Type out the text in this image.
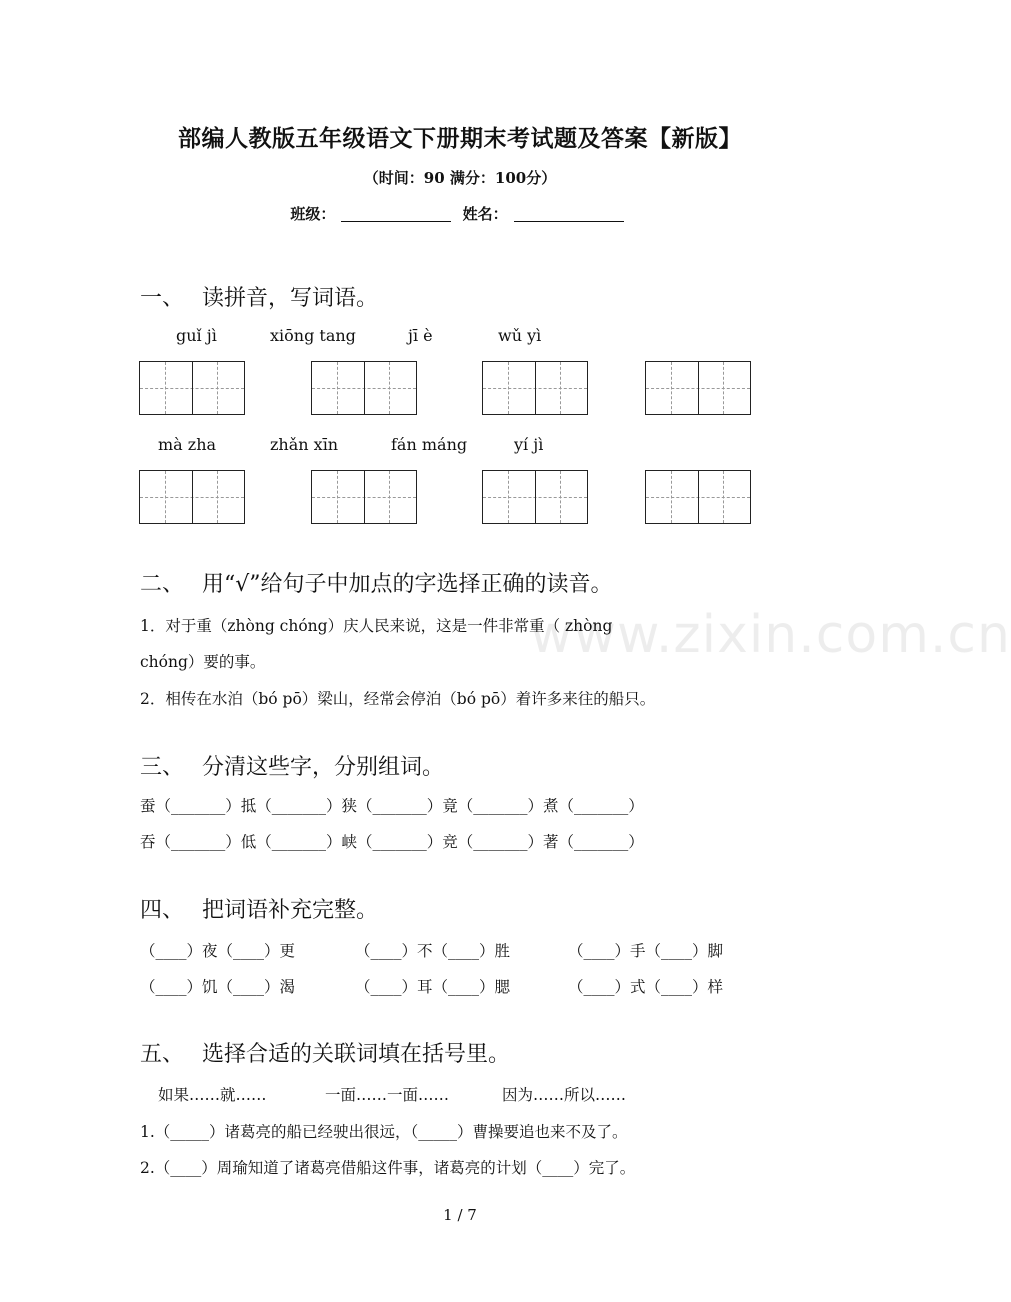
部编人教版五年级语文下册期末考试题及答案【新版】
（时间：90 满分：100分）
班级：	姓名：
一、 读拼音，写词语。
guǐ jì	xiōng tang	jī è	wǔ yì
mà zha	zhǎn xīn	fán máng	yí jì
二、 用“√”给句子中加点的字选择正确的读音。
www.zixin.com.cn
1．对于重（zhòng chóng）庆人民来说，这是一件非常重（ zhòng
chóng）要的事。
2．相传在水泊（bó pō）梁山，经常会停泊（bó pō）着许多来往的船只。
三、 分清这些字，分别组词。
蚕（_______）抵（_______）狭（_______）竟（_______）煮（_______）
吞（_______）低（_______）峡（_______）竞（_______）著（_______）
四、 把词语补充完整。
（____）夜（____）更	（____）不（____）胜	（____）手（____）脚
（____）饥（____）渴	（____）耳（____）腮	（____）式（____）样
五、 选择合适的关联词填在括号里。
如果……就……	一面……一面……	因为……所以……
1.（_____）诸葛亮的船已经驶出很远，（_____）曹操要追也来不及了。
2.（____）周瑜知道了诸葛亮借船这件事，诸葛亮的计划（____）完了。
1 / 7
